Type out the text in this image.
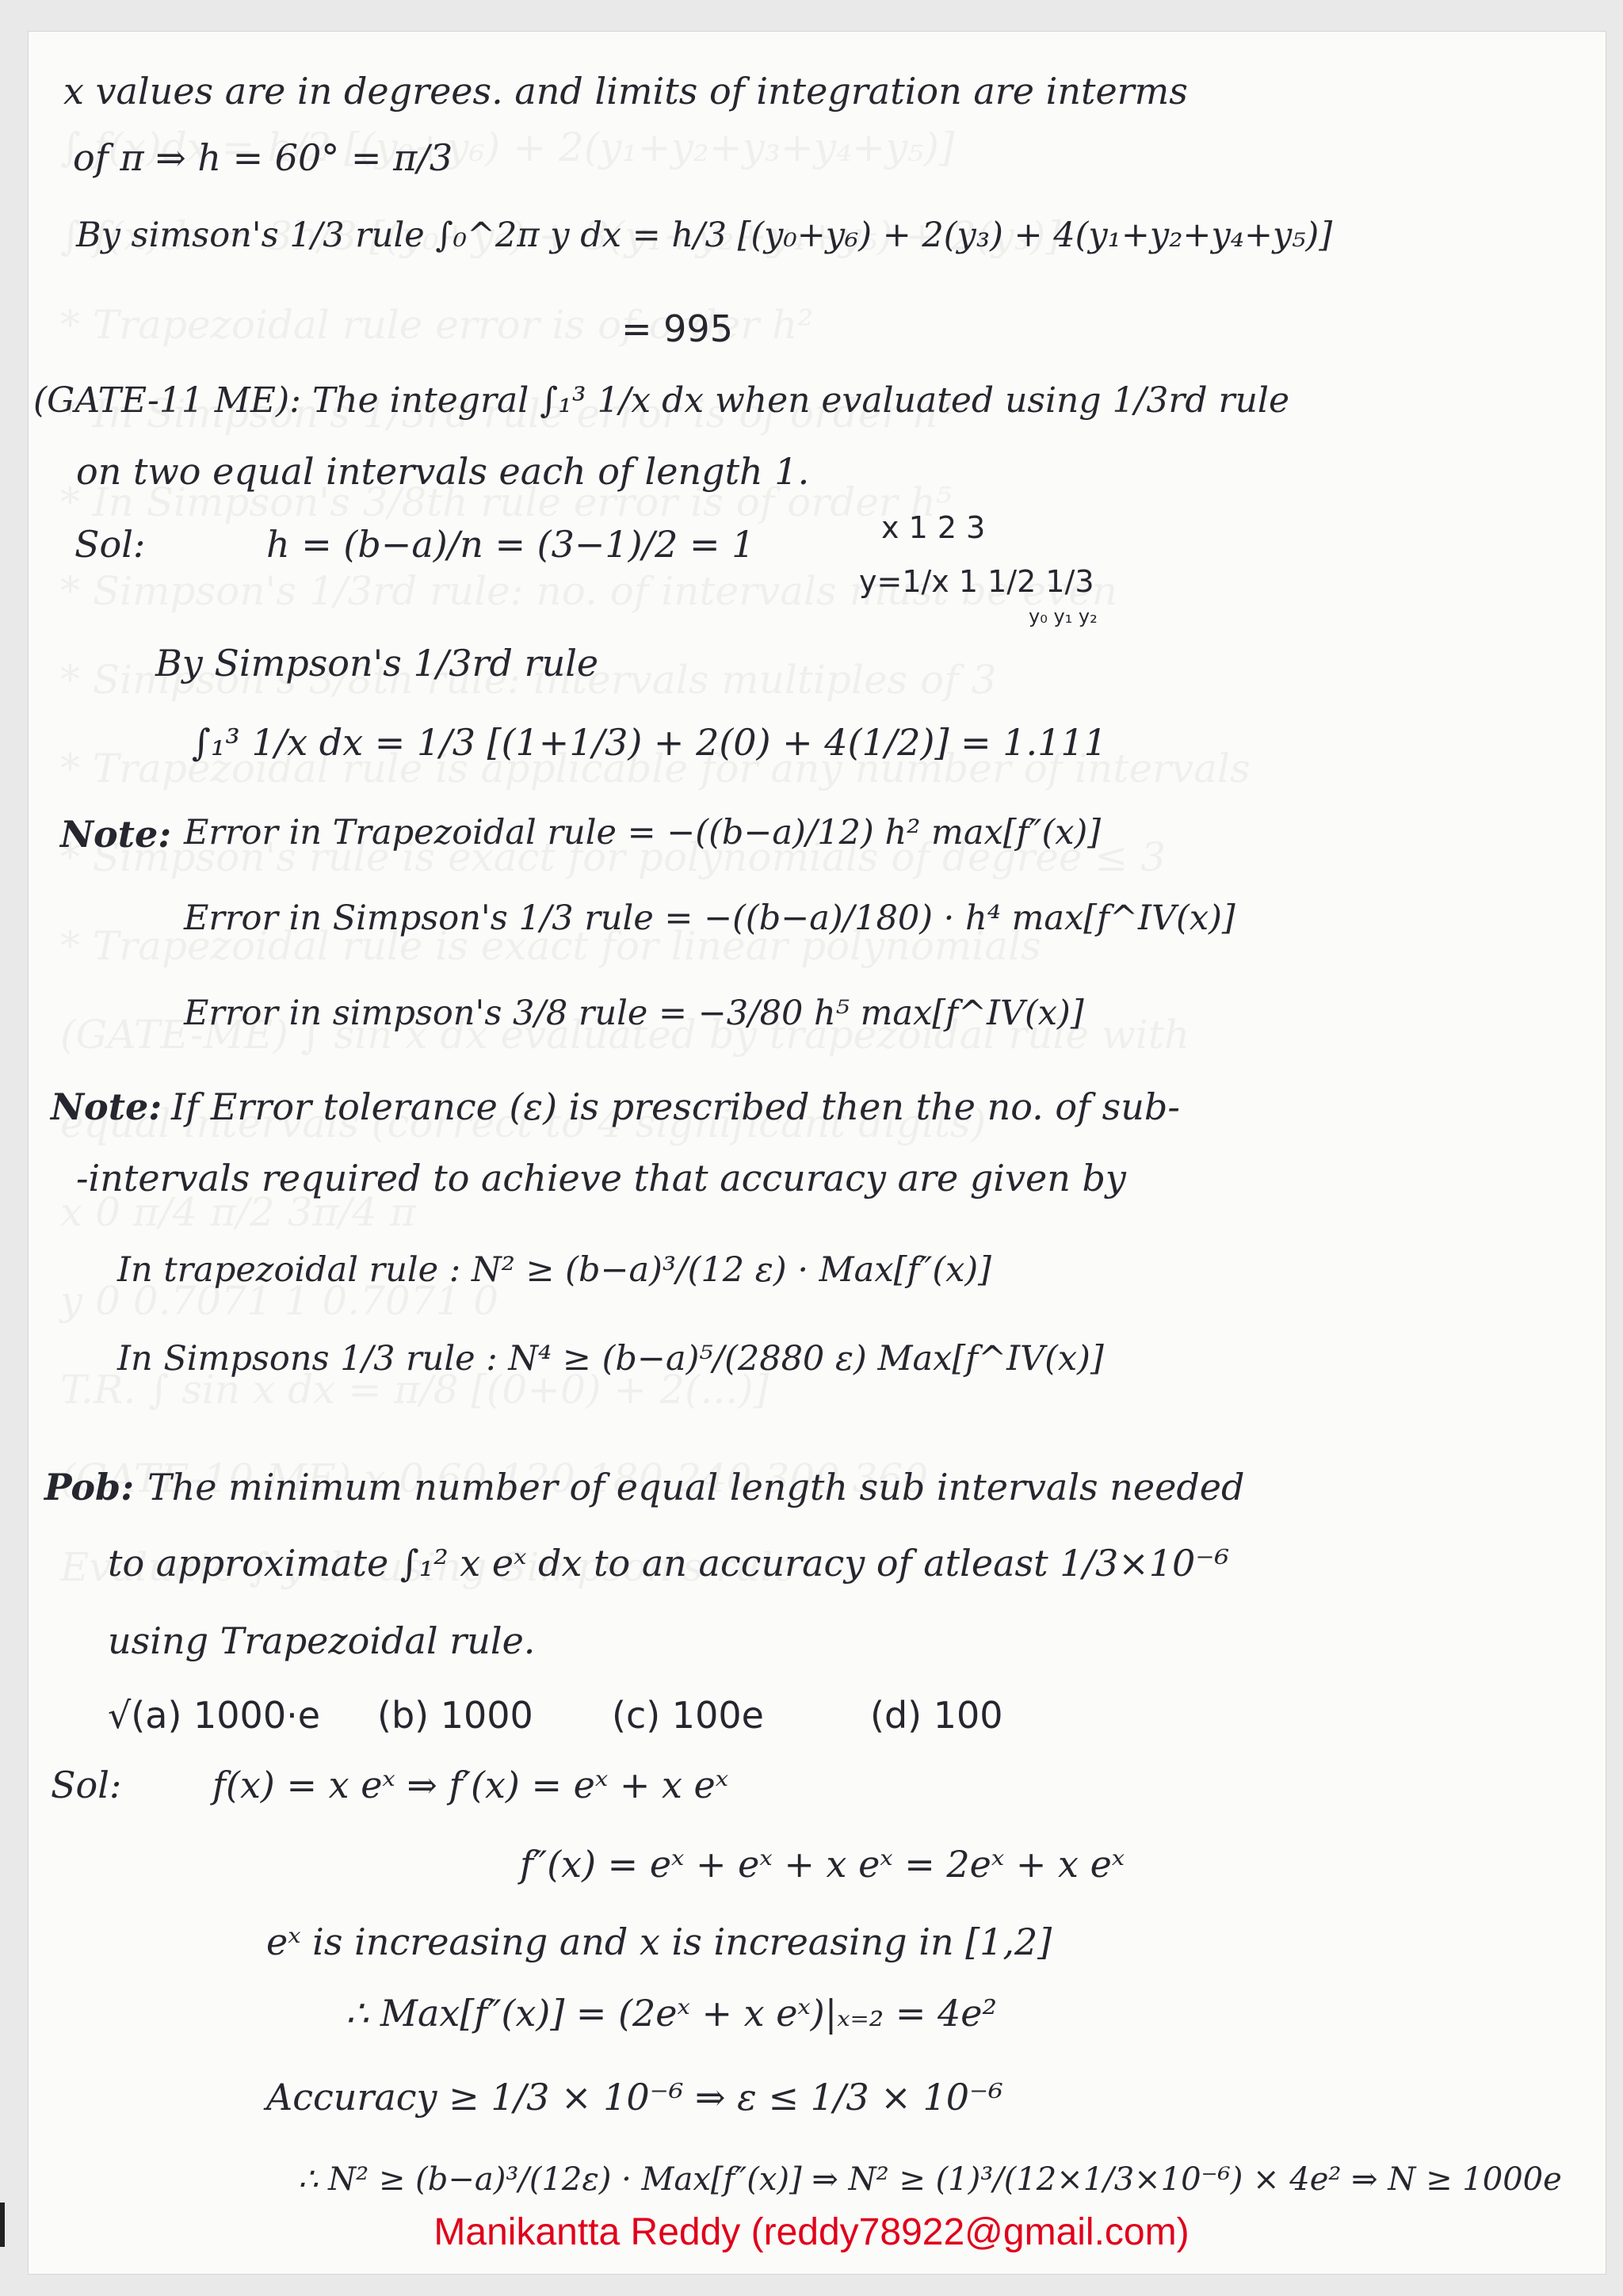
x values are in degrees. and limits of integration are interms
of π ⇒ h = 60° = π/3
By simson's 1/3 rule ∫₀^2π y dx = h/3 [(y₀+y₆) + 2(y₃) + 4(y₁+y₂+y₄+y₅)]
= 995
(GATE-11 ME): The integral ∫₁³ 1/x dx when evaluated using 1/3rd rule
on two equal intervals each of length 1.
Sol:	h = (b−a)/n = (3−1)/2 = 1	x 1 2 3
y=1/x 1 1/2 1/3
y₀ y₁ y₂
By Simpson's 1/3rd rule
∫₁³ 1/x dx = 1/3 [(1+1/3) + 2(0) + 4(1/2)] = 1.111
Note: Error in Trapezoidal rule = −((b−a)/12) h² max[f″(x)]
Error in Simpson's 1/3 rule = −((b−a)/180) · h⁴ max[f^IV(x)]
Error in simpson's 3/8 rule = −3/80 h⁵ max[f^IV(x)]
Note: If Error tolerance (ε) is prescribed then the no. of sub-
-intervals required to achieve that accuracy are given by
In trapezoidal rule : N² ≥ (b−a)³/(12 ε) · Max[f″(x)]
In Simpsons 1/3 rule : N⁴ ≥ (b−a)⁵/(2880 ε) Max[f^IV(x)]
Pob: The minimum number of equal length sub intervals needed
to approximate ∫₁² x eˣ dx to an accuracy of atleast 1/3×10⁻⁶
using Trapezoidal rule.
√(a) 1000·e (b) 1000 (c) 100e	(d) 100
Sol: f(x) = x eˣ ⇒ f′(x) = eˣ + x eˣ
f″(x) = eˣ + eˣ + x eˣ = 2eˣ + x eˣ
eˣ is increasing and x is increasing in [1,2]
∴ Max[f″(x)] = (2eˣ + x eˣ)|ₓ₌₂ = 4e²
Accuracy ≥ 1/3 × 10⁻⁶ ⇒ ε ≤ 1/3 × 10⁻⁶
∴ N² ≥ (b−a)³/(12ε) · Max[f″(x)] ⇒ N² ≥ (1)³/(12×1/3×10⁻⁶) × 4e² ⇒ N ≥ 1000e
Manikantta Reddy (reddy78922@gmail.com)
